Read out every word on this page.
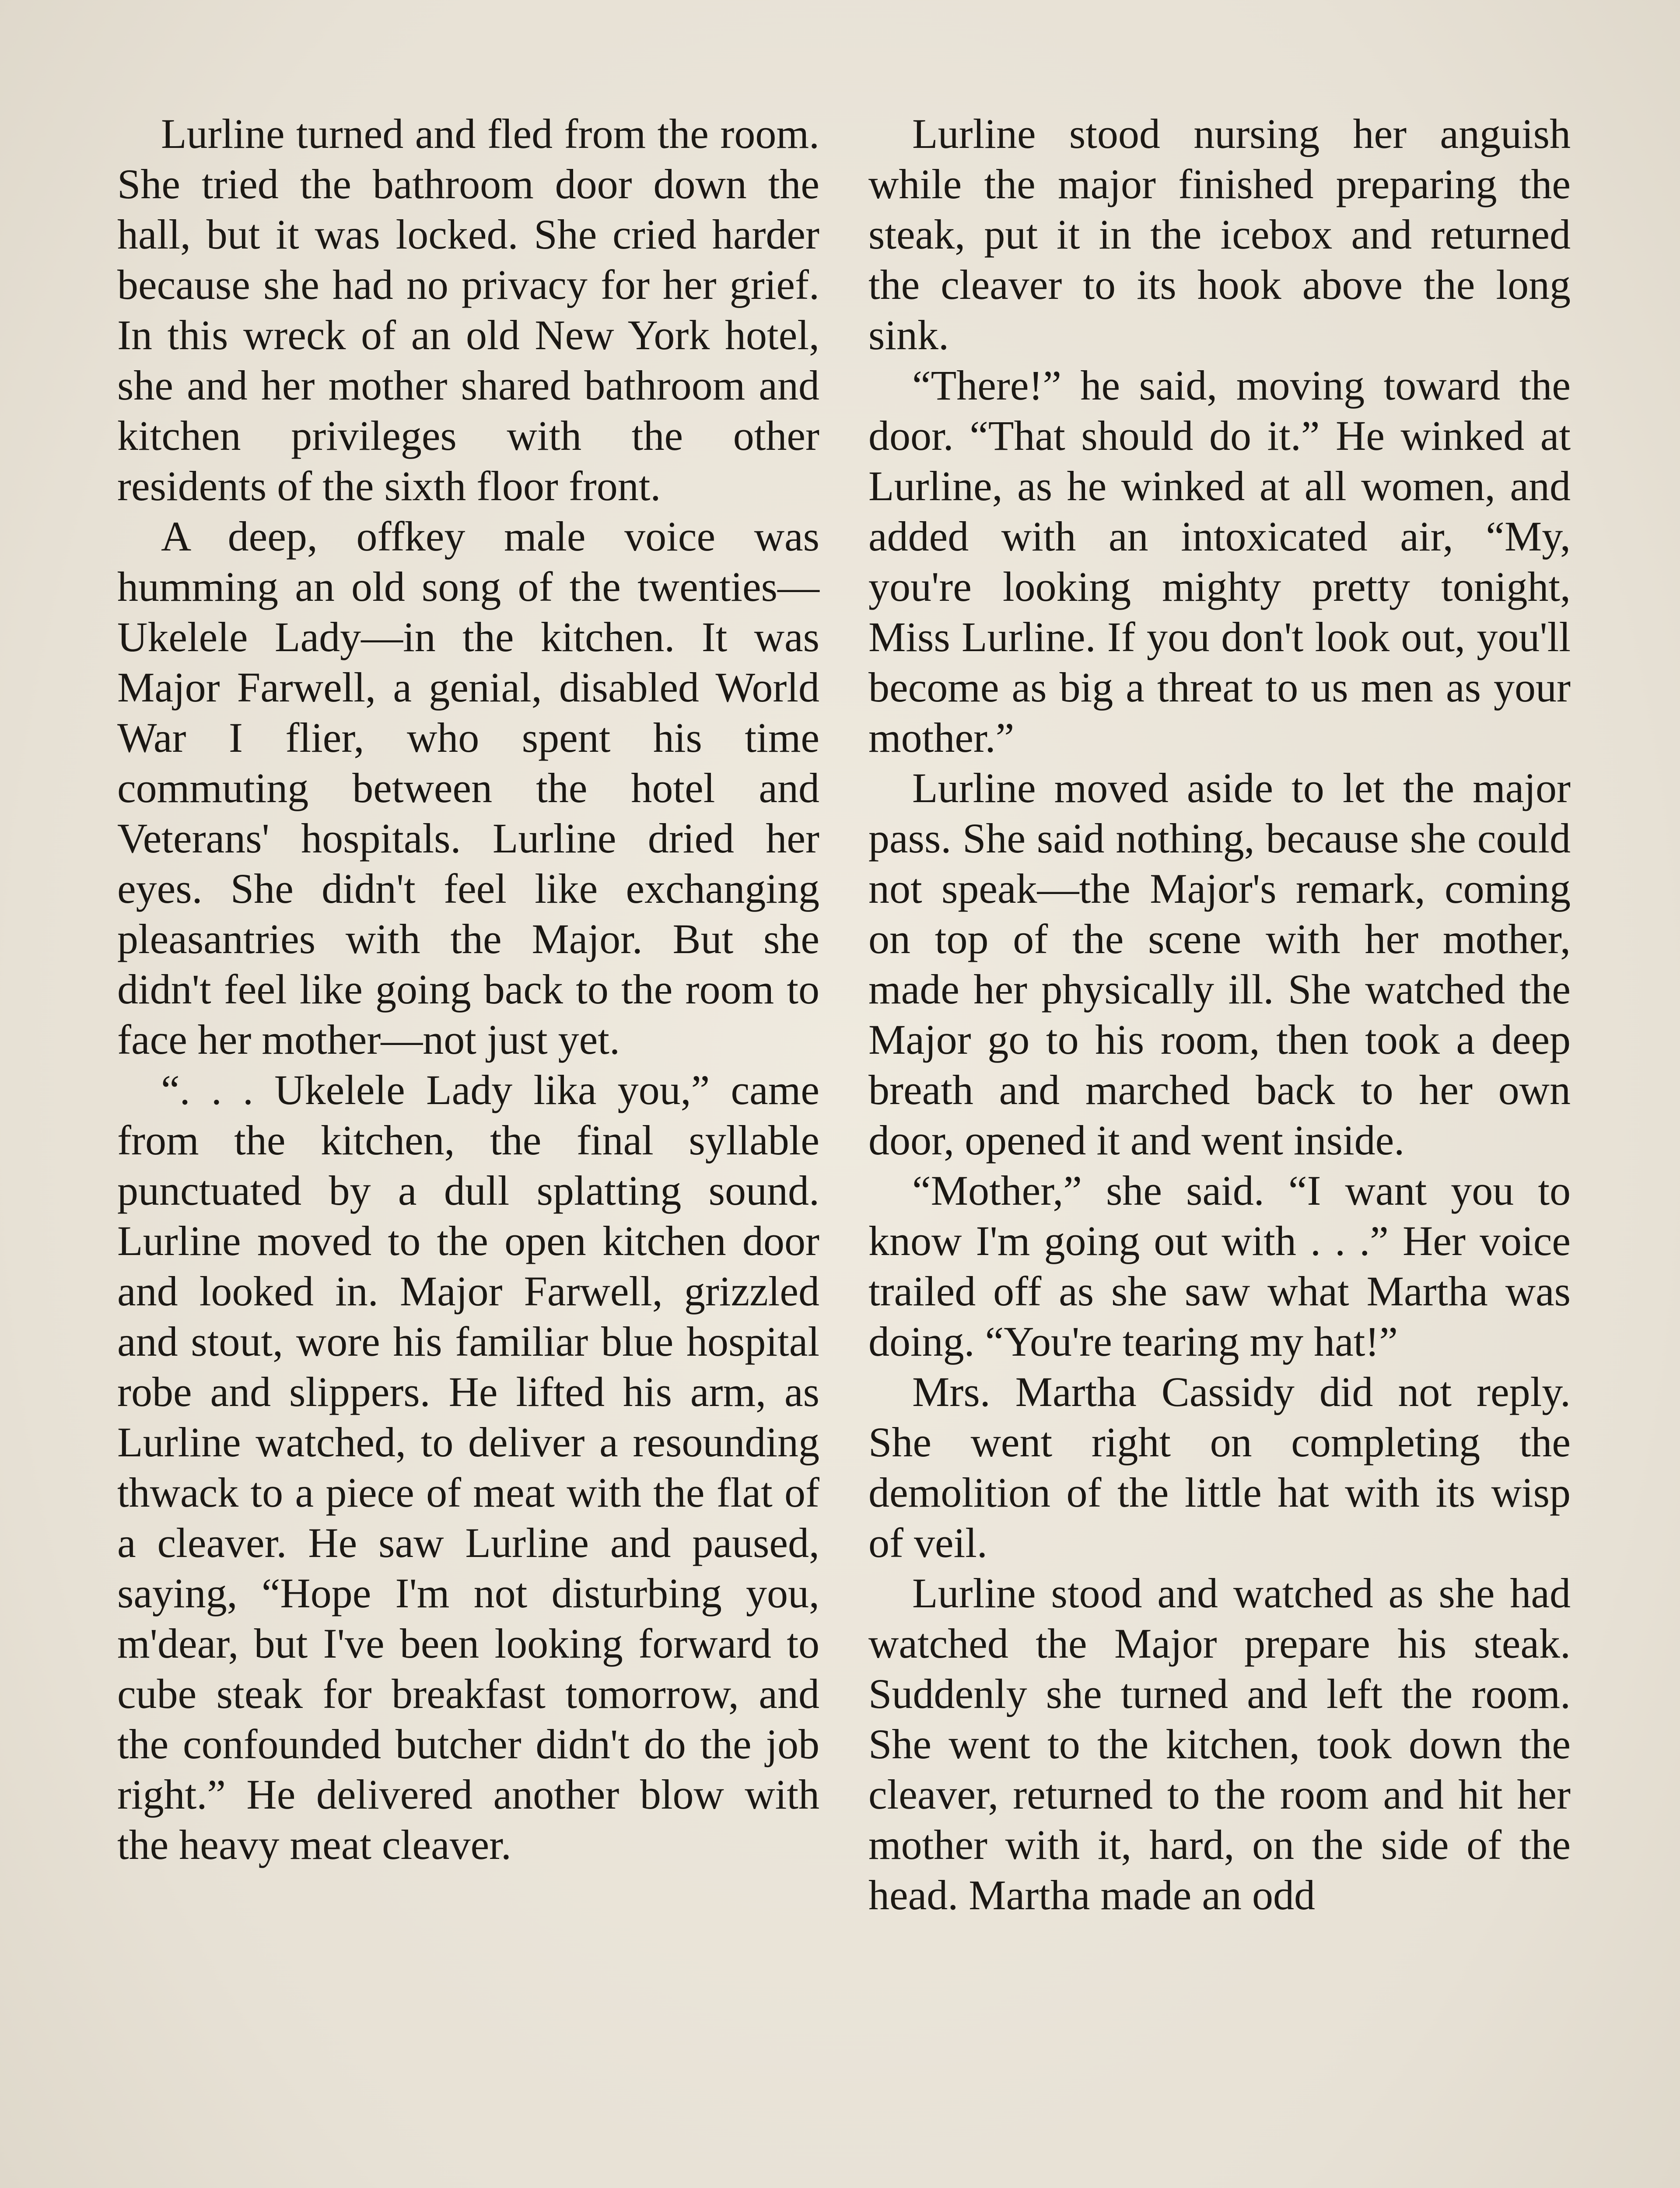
Lurline turned and fled from the room. She tried the bathroom door down the hall, but it was locked. She cried harder because she had no privacy for her grief. In this wreck of an old New York hotel, she and her mother shared bathroom and kitchen privileges with the other residents of the sixth floor front.

A deep, offkey male voice was humming an old song of the twenties—Ukelele Lady—in the kitchen. It was Major Farwell, a genial, disabled World War I flier, who spent his time commuting between the hotel and Veterans' hospitals. Lurline dried her eyes. She didn't feel like exchanging pleasantries with the Major. But she didn't feel like going back to the room to face her mother—not just yet.

“. . . Ukelele Lady lika you,” came from the kitchen, the final syllable punctuated by a dull splatting sound. Lurline moved to the open kitchen door and looked in. Major Farwell, grizzled and stout, wore his familiar blue hospital robe and slippers. He lifted his arm, as Lurline watched, to deliver a resounding thwack to a piece of meat with the flat of a cleaver. He saw Lurline and paused, saying, “Hope I'm not disturbing you, m'dear, but I've been looking forward to cube steak for breakfast tomorrow, and the confounded butcher didn't do the job right.” He delivered another blow with the heavy meat cleaver.

Lurline stood nursing her anguish while the major finished preparing the steak, put it in the icebox and returned the cleaver to its hook above the long sink.

“There!” he said, moving toward the door. “That should do it.” He winked at Lurline, as he winked at all women, and added with an intoxicated air, “My, you're looking mighty pretty tonight, Miss Lurline. If you don't look out, you'll become as big a threat to us men as your mother.”

Lurline moved aside to let the major pass. She said nothing, because she could not speak—the Major's remark, coming on top of the scene with her mother, made her physically ill. She watched the Major go to his room, then took a deep breath and marched back to her own door, opened it and went inside.

“Mother,” she said. “I want you to know I'm going out with . . .” Her voice trailed off as she saw what Martha was doing. “You're tearing my hat!”

Mrs. Martha Cassidy did not reply. She went right on completing the demolition of the little hat with its wisp of veil.

Lurline stood and watched as she had watched the Major prepare his steak. Suddenly she turned and left the room. She went to the kitchen, took down the cleaver, returned to the room and hit her mother with it, hard, on the side of the head. Martha made an odd
